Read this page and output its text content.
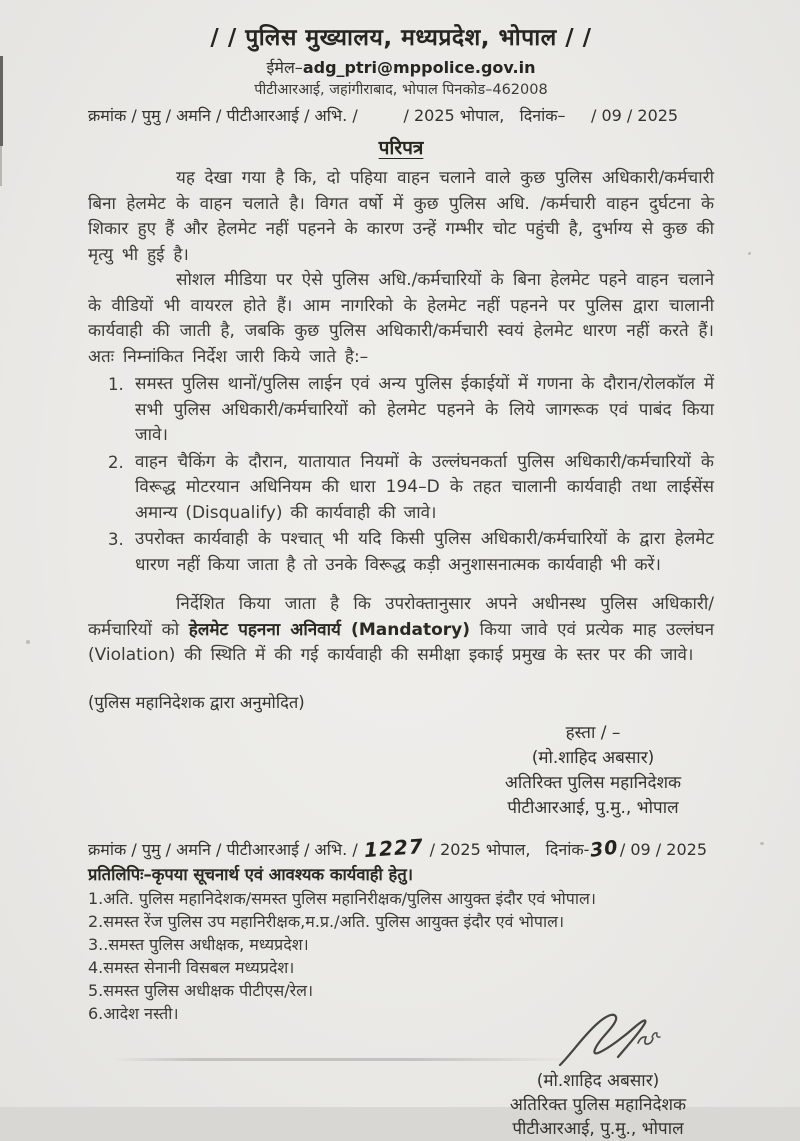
/ / पुलिस मुख्यालय, मध्यप्रदेश, भोपाल / /
ईमेल–adg_ptri@mppolice.gov.in
पीटीआरआई, जहांगीराबाद, भोपाल पिनकोड–462008
क्रमांक / पुमु / अमनि / पीटीआरआई / अभि. /         / 2025 भोपाल,   दिनांक–     / 09 / 2025
परिपत्र

यह देखा गया है कि, दो पहिया वाहन चलाने वाले कुछ पुलिस अधिकारी/कर्मचारी बिना हेलमेट के वाहन चलाते है। विगत वर्षो में कुछ पुलिस अधि. /कर्मचारी वाहन दुर्घटना के शिकार हुए हैं और हेलमेट नहीं पहनने के कारण उन्हें गम्भीर चोट पहुंची है, दुर्भाग्य से कुछ की मृत्यु भी हुई है।

सोशल मीडिया पर ऐसे पुलिस अधि./कर्मचारियों के बिना हेलमेट पहने वाहन चलाने के वीडियों भी वायरल होते हैं। आम नागरिको के हेलमेट नहीं पहनने पर पुलिस द्वारा चालानी कार्यवाही की जाती है, जबकि कुछ पुलिस अधिकारी/कर्मचारी स्वयं हेलमेट धारण नहीं करते हैं। अतः निम्नांकित निर्देश जारी किये जाते है:–

1. समस्त पुलिस थानों/पुलिस लाईन एवं अन्य पुलिस ईकाईयों में गणना के दौरान/रोलकॉल में सभी पुलिस अधिकारी/कर्मचारियों को हेलमेट पहनने के लिये जागरूक एवं पाबंद किया जावे।
2. वाहन चैकिंग के दौरान, यातायात नियमों के उल्लंघनकर्ता पुलिस अधिकारी/कर्मचारियों के विरूद्ध मोटरयान अधिनियम की धारा 194–D के तहत चालानी कार्यवाही तथा लाईसेंस अमान्य (Disqualify) की कार्यवाही की जावे।
3. उपरोक्त कार्यवाही के पश्चात् भी यदि किसी पुलिस अधिकारी/कर्मचारियों के द्वारा हेलमेट धारण नहीं किया जाता है तो उनके विरूद्ध कड़ी अनुशासनात्मक कार्यवाही भी करें।

निर्देशित किया जाता है कि उपरोक्तानुसार अपने अधीनस्थ पुलिस अधिकारी/कर्मचारियों को हेलमेट पहनना अनिवार्य (Mandatory) किया जावे एवं प्रत्येक माह उल्लंघन (Violation) की स्थिति में की गई कार्यवाही की समीक्षा इकाई प्रमुख के स्तर पर की जावे।

(पुलिस महानिदेशक द्वारा अनुमोदित)
हस्ता / –
(मो.शाहिद अबसार)
अतिरिक्त पुलिस महानिदेशक
पीटीआरआई, पु.मु., भोपाल
क्रमांक / पुमु / अमनि / पीटीआरआई / अभि. / 1227 / 2025 भोपाल,   दिनांक-30/ 09 / 2025
प्रतिलिपिः–कृपया सूचनार्थ एवं आवश्यक कार्यवाही हेतु।
1.अति. पुलिस महानिदेशक/समस्त पुलिस महानिरीक्षक/पुलिस आयुक्त इंदौर एवं भोपाल।
2.समस्त रेंज पुलिस उप महानिरीक्षक,म.प्र./अति. पुलिस आयुक्त इंदौर एवं भोपाल।
3..समस्त पुलिस अधीक्षक, मध्यप्रदेश।
4.समस्त सेनानी विसबल मध्यप्रदेश।
5.समस्त पुलिस अधीक्षक पीटीएस/रेल।
6.आदेश नस्ती।
(मो.शाहिद अबसार)
अतिरिक्त पुलिस महानिदेशक
पीटीआरआई, पु.मु., भोपाल
